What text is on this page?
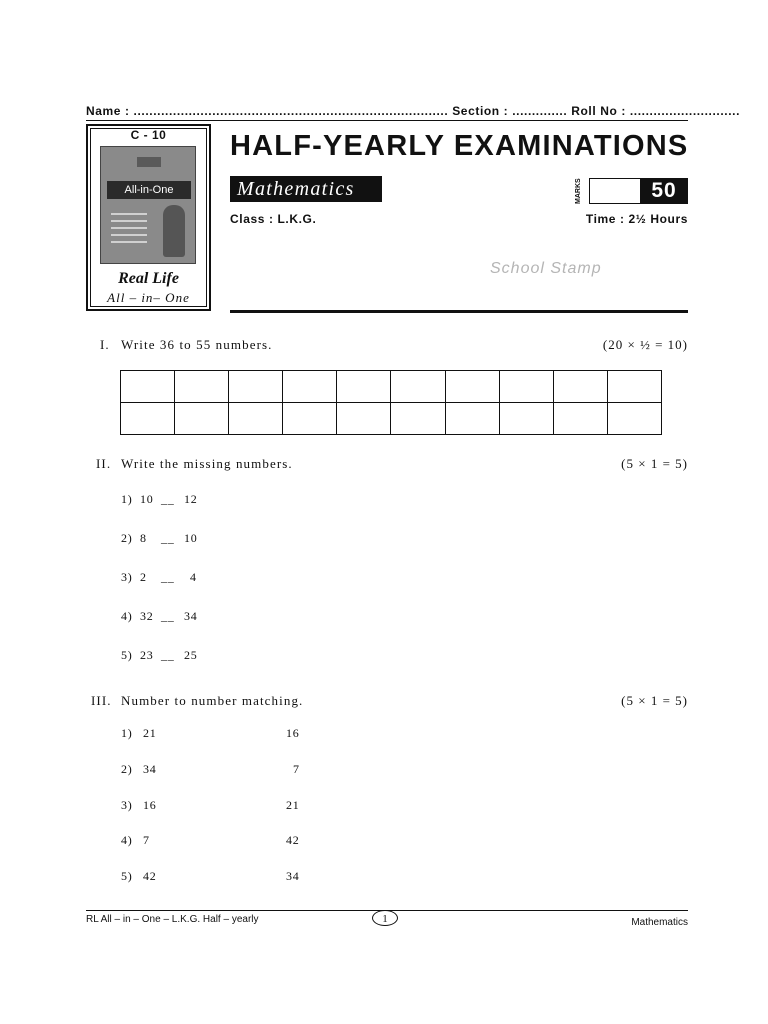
Name : ................................................................................ Section : .............. Roll No : ............................
C - 10
All-in-One
Real Life
All – in– One
HALF-YEARLY EXAMINATIONS
Mathematics	MARKS	50
Class : L.K.G.	Time : 2½ Hours
School Stamp
I. Write 36 to 55 numbers.	(20 × ½ = 10)

II. Write the missing numbers.	(5 × 1 = 5)
1) 10 __ 12
2) 8 __ 10
3) 2 __ 4
4) 32 __ 34
5) 23 __ 25
III. Number to number matching.	(5 × 1 = 5)
1) 21	16
2) 34	7
3) 16	21
4) 7	42
5) 42	34
RL All – in – One – L.K.G. Half – yearly	1	Mathematics
